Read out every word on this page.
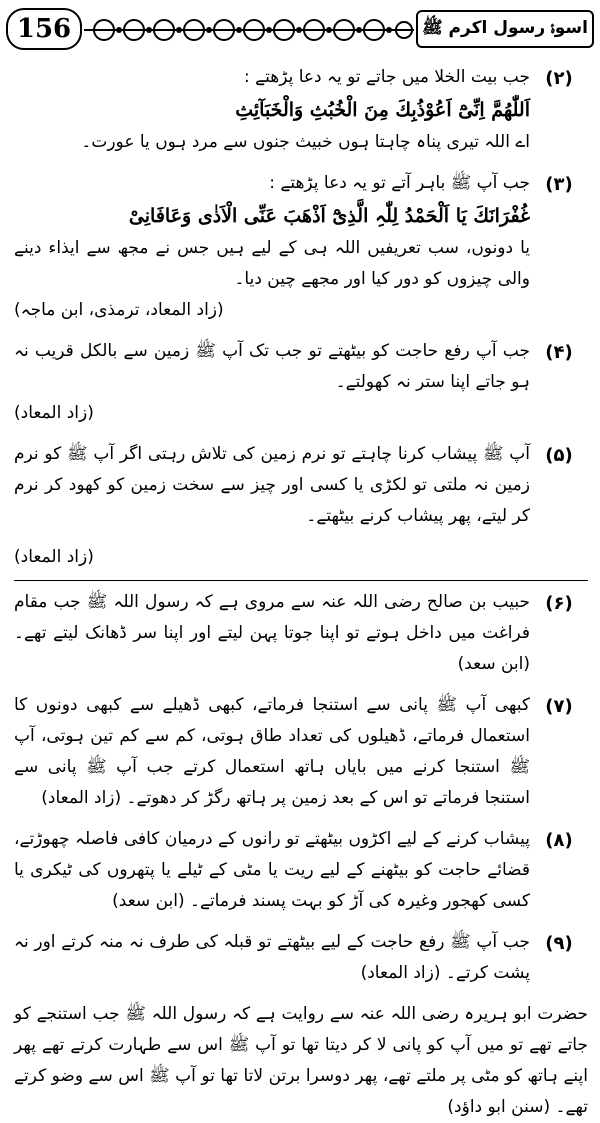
156	اسوۂ رسول اکرم ﷺ
(۲)
جب بیت الخلا میں جاتے تو یہ دعا پڑھتے :
اَللّٰھُمَّ اِنِّیْٓ اَعُوْذُبِكَ مِنَ الْخُبُثِ وَالْخَبَآئِثِ
اے اللہ تیری پناہ چاہتا ہوں خبیث جنوں سے مرد ہوں یا عورت۔
(۳)
جب آپ ﷺ باہر آتے تو یہ دعا پڑھتے :
غُفْرَانَكَ یَا اَلْحَمْدُ لِلّٰہِ الَّذِیْٓ اَذْھَبَ عَنِّی الْاَذٰی وَعَافَانِیْ
یا دونوں، سب تعریفیں اللہ ہی کے لیے ہیں جس نے مجھ سے ایذاء دینے والی چیزوں کو دور کیا اور مجھے چین دیا۔
(زاد المعاد، ترمذی، ابن ماجہ)
(۴)
جب آپ رفع حاجت کو بیٹھتے تو جب تک آپ ﷺ زمین سے بالکل قریب نہ ہو جاتے اپنا ستر نہ کھولتے۔
(زاد المعاد)
(۵)
آپ ﷺ پیشاب کرنا چاہتے تو نرم زمین کی تلاش رہتی اگر آپ ﷺ کو نرم زمین نہ ملتی تو لکڑی یا کسی اور چیز سے سخت زمین کو کھود کر نرم کر لیتے، پھر پیشاب کرنے بیٹھتے۔
(زاد المعاد)
(۶)
حبیب بن صالح رضی اللہ عنہ سے مروی ہے کہ رسول اللہ ﷺ جب مقام فراغت میں داخل ہوتے تو اپنا جوتا پہن لیتے اور اپنا سر ڈھانک لیتے تھے۔ (ابن سعد)
(۷)
کبھی آپ ﷺ پانی سے استنجا فرماتے، کبھی ڈھیلے سے کبھی دونوں کا استعمال فرماتے، ڈھیلوں کی تعداد طاق ہوتی، کم سے کم تین ہوتی، آپ ﷺ استنجا کرنے میں بایاں ہاتھ استعمال کرتے جب آپ ﷺ پانی سے استنجا فرماتے تو اس کے بعد زمین پر ہاتھ رگڑ کر دھوتے۔ (زاد المعاد)
(۸)
پیشاب کرنے کے لیے اکڑوں بیٹھتے تو رانوں کے درمیان کافی فاصلہ چھوڑتے، قضائے حاجت کو بیٹھنے کے لیے ریت یا مٹی کے ٹیلے یا پتھروں کی ٹیکری یا کسی کھجور وغیرہ کی آڑ کو بہت پسند فرماتے۔ (ابن سعد)
(۹)
جب آپ ﷺ رفع حاجت کے لیے بیٹھتے تو قبلہ کی طرف نہ منہ کرتے اور نہ پشت کرتے۔ (زاد المعاد)
حضرت ابو ہریرہ رضی اللہ عنہ سے روایت ہے کہ رسول اللہ ﷺ جب استنجے کو جاتے تھے تو میں آپ کو پانی لا کر دیتا تھا تو آپ ﷺ اس سے طہارت کرتے تھے پھر اپنے ہاتھ کو مٹی پر ملتے تھے، پھر دوسرا برتن لاتا تھا تو آپ ﷺ اس سے وضو کرتے تھے۔ (سنن ابو داؤد)
